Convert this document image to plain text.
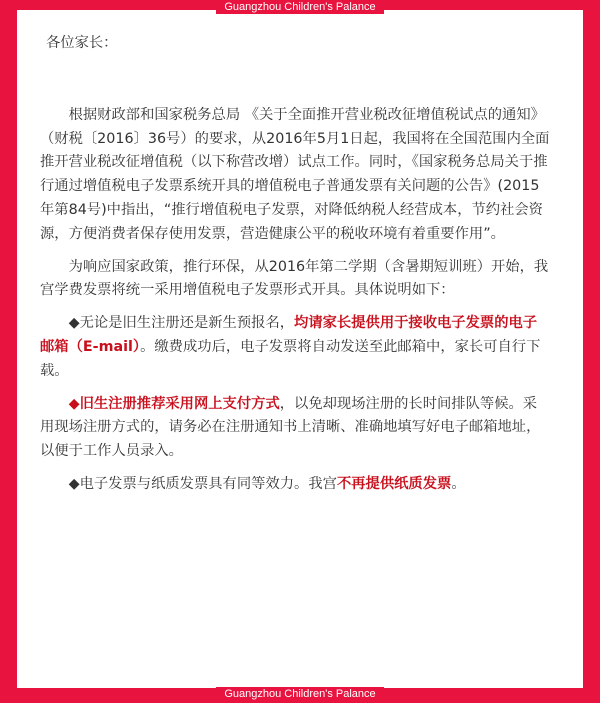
Guangzhou Children's Palance
各位家长：

根据财政部和国家税务总局 《关于全面推开营业税改征增值税试点的通知》（财税〔2016〕36号）的要求，从2016年5月1日起，我国将在全国范围内全面推开营业税改征增值税（以下称营改增）试点工作。同时，《国家税务总局关于推行通过增值税电子发票系统开具的增值税电子普通发票有关问题的公告》(2015年第84号)中指出，“推行增值税电子发票，对降低纳税人经营成本，节约社会资源，方便消费者保存使用发票，营造健康公平的税收环境有着重要作用”。

为响应国家政策，推行环保，从2016年第二学期（含暑期短训班）开始，我宫学费发票将统一采用增值税电子发票形式开具。具体说明如下：

◆无论是旧生注册还是新生预报名，均请家长提供用于接收电子发票的电子邮箱（E-mail）。缴费成功后，电子发票将自动发送至此邮箱中，家长可自行下载。

◆旧生注册推荐采用网上支付方式，以免却现场注册的长时间排队等候。采用现场注册方式的，请务必在注册通知书上清晰、准确地填写好电子邮箱地址，以便于工作人员录入。

◆电子发票与纸质发票具有同等效力。我宫不再提供纸质发票。

Guangzhou Children's Palance
